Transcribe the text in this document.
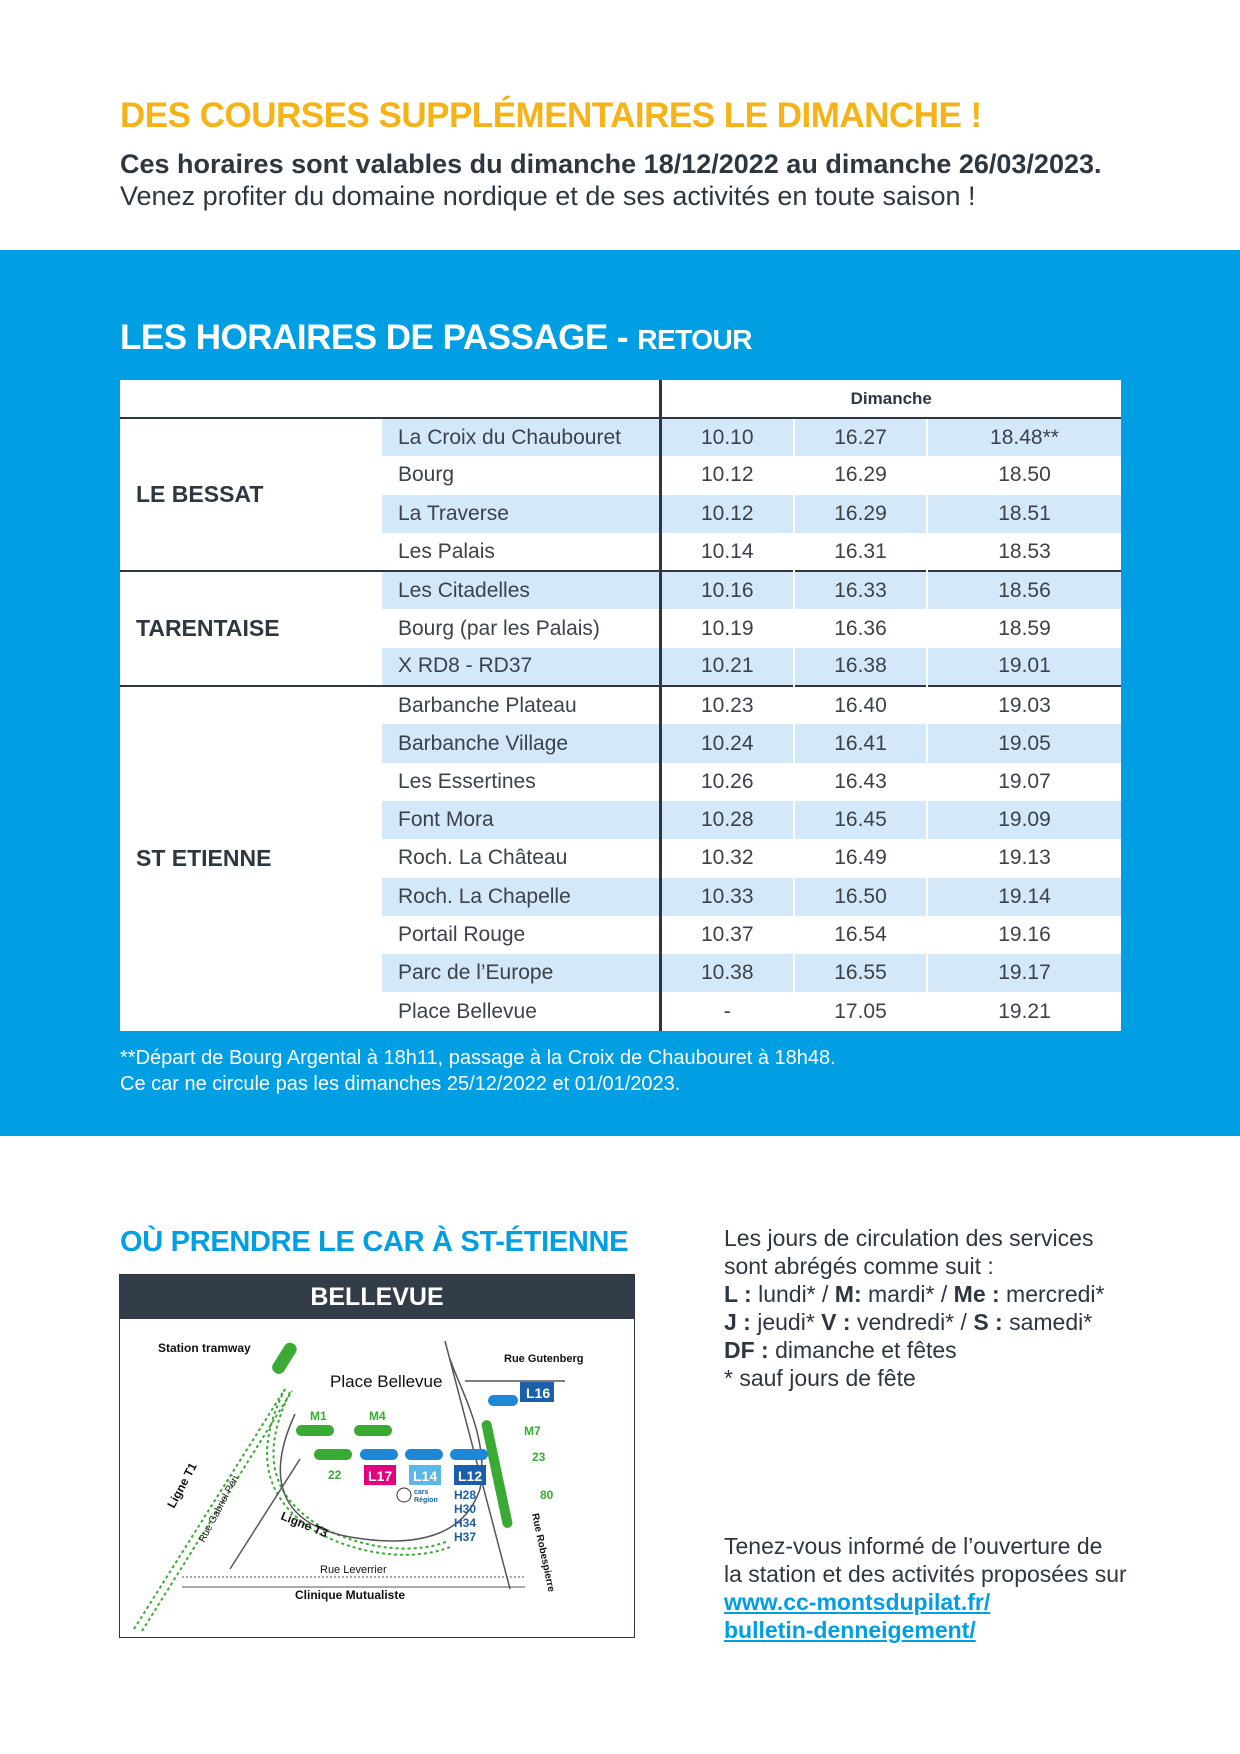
DES COURSES SUPPLÉMENTAIRES LE DIMANCHE !
Ces horaires sont valables du dimanche 18/12/2022 au dimanche 26/03/2023.
Venez profiter du domaine nordique et de ses activités en toute saison !
LES HORAIRES DE PASSAGE - RETOUR
		Dimanche		
LE BESSAT	La Croix du Chaubouret	10.10	16.27	18.48**
	Bourg	10.12	16.29	18.50
	La Traverse	10.12	16.29	18.51
	Les Palais	10.14	16.31	18.53
TARENTAISE	Les Citadelles	10.16	16.33	18.56
	Bourg (par les Palais)	10.19	16.36	18.59
	X RD8 - RD37	10.21	16.38	19.01
ST ETIENNE	Barbanche Plateau	10.23	16.40	19.03
	Barbanche Village	10.24	16.41	19.05
	Les Essertines	10.26	16.43	19.07
	Font Mora	10.28	16.45	19.09
	Roch. La Château	10.32	16.49	19.13
	Roch. La Chapelle	10.33	16.50	19.14
	Portail Rouge	10.37	16.54	19.16
	Parc de l’Europe	10.38	16.55	19.17
	Place Bellevue	-	17.05	19.21
**Départ de Bourg Argental à 18h11, passage à la Croix de Chaubouret à 18h48.
Ce car ne circule pas les dimanches 25/12/2022 et 01/01/2023.
OÙ PRENDRE LE CAR À ST-ÉTIENNE
BELLEVUE
Station tramway
Place Bellevue
Rue Gutenberg
M1	M4
L16
M7
23
80
22 L17 L14 L12
cars
Région H28
H30
H34
H37
Ligne T1
Rue Gabriel Péri	Ligne T3	Rue Robespierre
Rue Leverrier
Clinique Mutualiste
Les jours de circulation des services
sont abrégés comme suit :
L : lundi* / M: mardi* / Me : mercredi*
J : jeudi* V : vendredi* / S : samedi*
DF : dimanche et fêtes
* sauf jours de fête
Tenez-vous informé de l’ouverture de
la station et des activités proposées sur
www.cc-montsdupilat.fr/
bulletin-denneigement/
